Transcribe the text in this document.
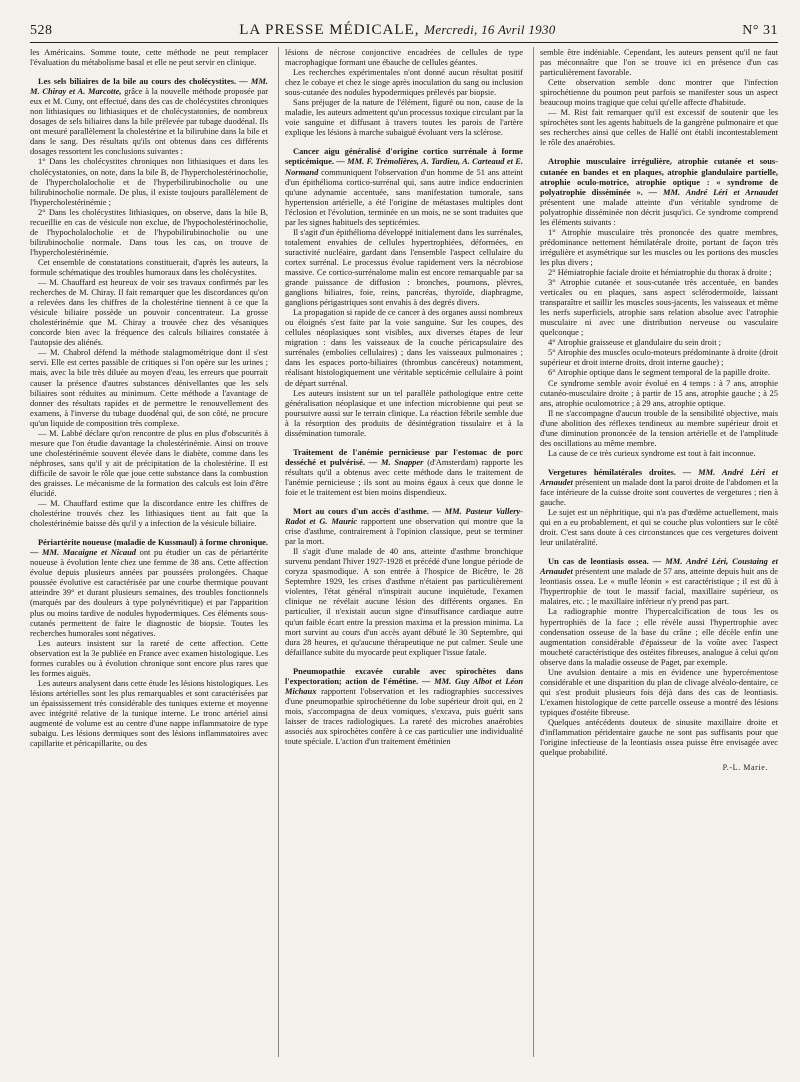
528	LA PRESSE MÉDICALE, Mercredi, 16 Avril 1930	N° 31

les Américains. Somme toute, cette méthode ne peut remplacer l'évaluation du métabolisme basal et elle ne peut servir en clinique.

Les sels biliaires de la bile au cours des cholécystites. — MM. M. Chiray et A. Marcotte, grâce à la nouvelle méthode proposée par eux et M. Cuny, ont effectué, dans des cas de cholécystites chroniques non lithiasiques ou lithiasiques et de cholécystatonies, de nombreux dosages de sels biliaires dans la bile prélevée par tubage duodénal. Ils ont mesuré parallèlement la cholestérine et la bilirubine dans la bile et dans le sang. Des résultats qu'ils ont obtenus dans ces différents dosages ressortent les conclusions suivantes :

1° Dans les cholécystites chroniques non lithiasiques et dans les cholécystatonies, on note, dans la bile B, de l'hypercholestérinocholie, de l'hypercholalocholie et de l'hyperbilirubinocholie ou une bilirubinocholie normale. De plus, il existe toujours parallèlement de l'hypercholestérinémie ;

2° Dans les cholécystites lithiasiques, on observe, dans la bile B, recueillie en cas de vésicule non exclue, de l'hypocholestérinocholie, de l'hypocholalocholie et de l'hypobilirubinocholie ou une bilirubinocholie normale. Dans tous les cas, on trouve de l'hypercholestérinémie.

Cet ensemble de constatations constituerait, d'après les auteurs, la formule schématique des troubles humoraux dans les cholécystites.

— M. Chauffard est heureux de voir ses travaux confirmés par les recherches de M. Chiray. Il fait remarquer que les discordances qu'on a relevées dans les chiffres de la cholestérine tiennent à ce que la vésicule biliaire possède un pouvoir concentrateur. La grosse cholestérinémie que M. Chiray a trouvée chez des vésaniques concorde bien avec la fréquence des calculs biliaires constatée à l'autopsie des aliénés.

— M. Chabrol défend la méthode stalagmométrique dont il s'est servi. Elle est certes passible de critiques si l'on opère sur les urines ; mais, avec la bile très diluée au moyen d'eau, les erreurs que pourrait causer la présence d'autres substances dénivellantes que les sels biliaires sont réduites au minimum. Cette méthode a l'avantage de donner des résultats rapides et de permettre le renouvellement des examens, à l'inverse du tubage duodénal qui, de son côté, ne procure qu'un liquide de composition très complexe.

— M. Labbé déclare qu'on rencontre de plus en plus d'obscurités à mesure que l'on étudie davantage la cholestérinémie. Ainsi on trouve une cholestérinémie souvent élevée dans le diabète, comme dans les néphroses, sans qu'il y ait de précipitation de la cholestérine. Il est difficile de savoir le rôle que joue cette substance dans la combustion des graisses. Le mécanisme de la formation des calculs est loin d'être élucidé.

— M. Chauffard estime que la discordance entre les chiffres de cholestérine trouvés chez les lithiasiques tient au fait que la cholestérinémie baisse dès qu'il y a infection de la vésicule biliaire.

Périartérite noueuse (maladie de Kussmaul) à forme chronique. — MM. Macaigne et Nicaud ont pu étudier un cas de périartérite noueuse à évolution lente chez une femme de 38 ans. Cette affection évolue depuis plusieurs années par poussées prolongées. Chaque poussée évolutive est caractérisée par une courbe thermique pouvant atteindre 39° et durant plusieurs semaines, des troubles fonctionnels (marqués par des douleurs à type polynévritique) et par l'apparition plus ou moins tardive de nodules hypodermiques. Ces éléments sous-cutanés permettent de faire le diagnostic de biopsie. Toutes les recherches humorales sont négatives.

Les auteurs insistent sur la rareté de cette affection. Cette observation est la 3e publiée en France avec examen histologique. Les formes curables ou à évolution chronique sont encore plus rares que les formes aiguës.

Les auteurs analysent dans cette étude les lésions histologiques. Les lésions artérielles sont les plus remarquables et sont caractérisées par un épaississement très considérable des tuniques externe et moyenne avec intégrité relative de la tunique interne. Le tronc artériel ainsi augmenté de volume est au centre d'une nappe inflammatoire de type subaigu. Les lésions dermiques sont des lésions inflammatoires avec capillarite et péricapillarite, ou des

lésions de nécrose conjonctive encadrées de cellules de type macrophagique formant une ébauche de cellules géantes.

Les recherches expérimentales n'ont donné aucun résultat positif chez le cobaye et chez le singe après inoculation du sang ou inclusion sous-cutanée des nodules hypodermiques prélevés par biopsie.

Sans préjuger de la nature de l'élément, figuré ou non, cause de la maladie, les auteurs admettent qu'un processus toxique circulant par la voie sanguine et diffusant à travers toutes les parois de l'artère explique les lésions à marche subaiguë évoluant vers la sclérose.

Cancer aigu généralisé d'origine cortico surrénale à forme septicémique. — MM. F. Trémolières, A. Tardieu, A. Carteaud et E. Normand communiquent l'observation d'un homme de 51 ans atteint d'un épithélioma cortico-surrénal qui, sans autre indice endocrinien qu'une adynamie accentuée, sans manifestation tumorale, sans hypertension artérielle, a été l'origine de métastases multiples dont l'éclosion et l'évolution, terminée en un mois, ne se sont traduites que par les signes habituels des septicémies.

Il s'agit d'un épithélioma développé initialement dans les surrénales, totalement envahies de cellules hypertrophiées, déformées, en suractivité nucléaire, gardant dans l'ensemble l'aspect cellulaire du cortex surrénal. Le processus évolue rapidement vers la nécrobiose massive. Ce cortico-surrénalome malin est encore remarquable par sa grande puissance de diffusion : bronches, poumons, plèvres, ganglions biliaires, foie, reins, pancréas, thyroïde, diaphragme, ganglions périgastriques sont envahis à des degrés divers.

La propagation si rapide de ce cancer à des organes aussi nombreux ou éloignés s'est faite par la voie sanguine. Sur les coupes, des cellules néoplasiques sont visibles, aux diverses étapes de leur migration : dans les vaisseaux de la couche péricapsulaire des surrénales (embolies cellulaires) ; dans les vaisseaux pulmonaires ; dans les espaces porto-biliaires (thrombus cancéreux) notamment, réalisant histologiquement une véritable septicémie cellulaire à point de départ surrénal.

Les auteurs insistent sur un tel parallèle pathologique entre cette généralisation néoplasique et une infection microbienne qui peut se poursuivre aussi sur le terrain clinique. La réaction fébrile semble due à la résorption des produits de désintégration tissulaire et à la dissémination tumorale.

Traitement de l'anémie pernicieuse par l'estomac de porc desséché et pulvérisé. — M. Snapper (d'Amsterdam) rapporte les résultats qu'il a obtenus avec cette méthode dans le traitement de l'anémie pernicieuse ; ils sont au moins égaux à ceux que donne le foie et le traitement est bien moins dispendieux.

Mort au cours d'un accès d'asthme. — MM. Pasteur Vallery-Radot et G. Mauric rapportent une observation qui montre que la crise d'asthme, contrairement à l'opinion classique, peut se terminer par la mort.

Il s'agit d'une malade de 40 ans, atteinte d'asthme bronchique survenu pendant l'hiver 1927-1928 et précédé d'une longue période de coryza spasmodique. A son entrée à l'hospice de Bicêtre, le 28 Septembre 1929, les crises d'asthme n'étaient pas particulièrement violentes, l'état général n'inspirait aucune inquiétude, l'examen clinique ne révélait aucune lésion des différents organes. En particulier, il n'existait aucun signe d'insuffisance cardiaque autre qu'un faible écart entre la pression maxima et la pression minima. La mort survint au cours d'un accès ayant débuté le 30 Septembre, qui dura 28 heures, et qu'aucune thérapeutique ne put calmer. Seule une défaillance subite du myocarde peut expliquer l'issue fatale.

Pneumopathie excavée curable avec spirochètes dans l'expectoration; action de l'émétine. — MM. Guy Albot et Léon Michaux rapportent l'observation et les radiographies successives d'une pneumopathie spirochétienne du lobe supérieur droit qui, en 2 mois, s'accompagna de deux vomiques, s'excava, puis guérit sans laisser de traces radiologiques. La rareté des microbes anaérobies associés aux spirochètes confère à ce cas particulier une individualité toute spéciale. L'action d'un traitement émétinien

semble être indéniable. Cependant, les auteurs pensent qu'il ne faut pas méconnaître que l'on se trouve ici en présence d'un cas particulièrement favorable.

Cette observation semble donc montrer que l'infection spirochétienne du poumon peut parfois se manifester sous un aspect beaucoup moins tragique que celui qu'elle affecte d'habitude.

— M. Rist fait remarquer qu'il est excessif de soutenir que les spirochètes sont les agents habituels de la gangrène pulmonaire et que ses recherches ainsi que celles de Hallé ont établi incontestablement le rôle des anaérobies.

Atrophie musculaire irrégulière, atrophie cutanée et sous-cutanée en bandes et en plaques, atrophie glandulaire partielle, atrophie oculo-motrice, atrophie optique : « syndrome de polyatrophie disséminée ». — MM. André Léri et Arnaudet présentent une malade atteinte d'un véritable syndrome de polyatrophie disséminée non décrit jusqu'ici. Ce syndrome comprend les éléments suivants :

1° Atrophie musculaire très prononcée des quatre membres, prédominance nettement hémilatérale droite, portant de façon très irrégulière et asymétrique sur les muscles ou les portions des muscles les plus divers ;

2° Hémiatrophie faciale droite et hémiatrophie du thorax à droite ;

3° Atrophie cutanée et sous-cutanée très accentuée, en bandes verticales ou en plaques, sans aspect sclérodermoïde, laissant transparaître et saillir les muscles sous-jacents, les vaisseaux et même les nerfs superficiels, atrophie sans relation absolue avec l'atrophie musculaire ni avec une distribution nerveuse ou vasculaire quelconque ;

4° Atrophie graisseuse et glandulaire du sein droit ;

5° Atrophie des muscles oculo-moteurs prédominante à droite (droit supérieur et droit interne droits, droit interne gauche) ;

6° Atrophie optique dans le segment temporal de la papille droite.

Ce syndrome semble avoir évolué en 4 temps : à 7 ans, atrophie cutanéo-musculaire droite ; à partir de 15 ans, atrophie gauche ; à 25 ans, atrophie oculomotrice ; à 29 ans, atrophie optique.

Il ne s'accompagne d'aucun trouble de la sensibilité objective, mais d'une abolition des réflexes tendineux au membre supérieur droit et d'une diminution prononcée de la tension artérielle et de l'amplitude des oscillations au même membre.

La cause de ce très curieux syndrome est tout à fait inconnue.

Vergetures hémilatérales droites. — MM. André Léri et Arnaudet présentent un malade dont la paroi droite de l'abdomen et la face intérieure de la cuisse droite sont couvertes de vergetures ; rien à gauche.

Le sujet est un néphritique, qui n'a pas d'œdème actuellement, mais qui en a eu probablement, et qui se couche plus volontiers sur le côté droit. C'est sans doute à ces circonstances que ces vergetures doivent leur unilatéralité.

Un cas de leontiasis ossea. — MM. André Léri, Coustaing et Arnaudet présentent une malade de 57 ans, atteinte depuis huit ans de leontiasis ossea. Le « mufle léonin » est caractéristique ; il est dû à l'hypertrophie de tout le massif facial, maxillaire supérieur, os malaires, etc. ; le maxillaire inférieur n'y prend pas part.

La radiographie montre l'hypercalcification de tous les os hypertrophiés de la face ; elle révèle aussi l'hypertrophie avec condensation osseuse de la base du crâne ; elle décèle enfin une augmentation considérable d'épaisseur de la voûte avec l'aspect moucheté caractéristique des ostéites fibreuses, analogue à celui qu'on observe dans la maladie osseuse de Paget, par exemple.

Une avulsion dentaire a mis en évidence une hypercémentose considérable et une disparition du plan de clivage alvéolo-dentaire, ce qui s'est produit plusieurs fois déjà dans des cas de leontiasis. L'examen histologique de cette parcelle osseuse a montré des lésions typiques d'ostéite fibreuse.

Quelques antécédents douteux de sinusite maxillaire droite et d'inflammation péridentaire gauche ne sont pas suffisants pour que l'origine infectieuse de la leontiasis ossea puisse être envisagée avec quelque probabilité.

P.-L. Marie.
